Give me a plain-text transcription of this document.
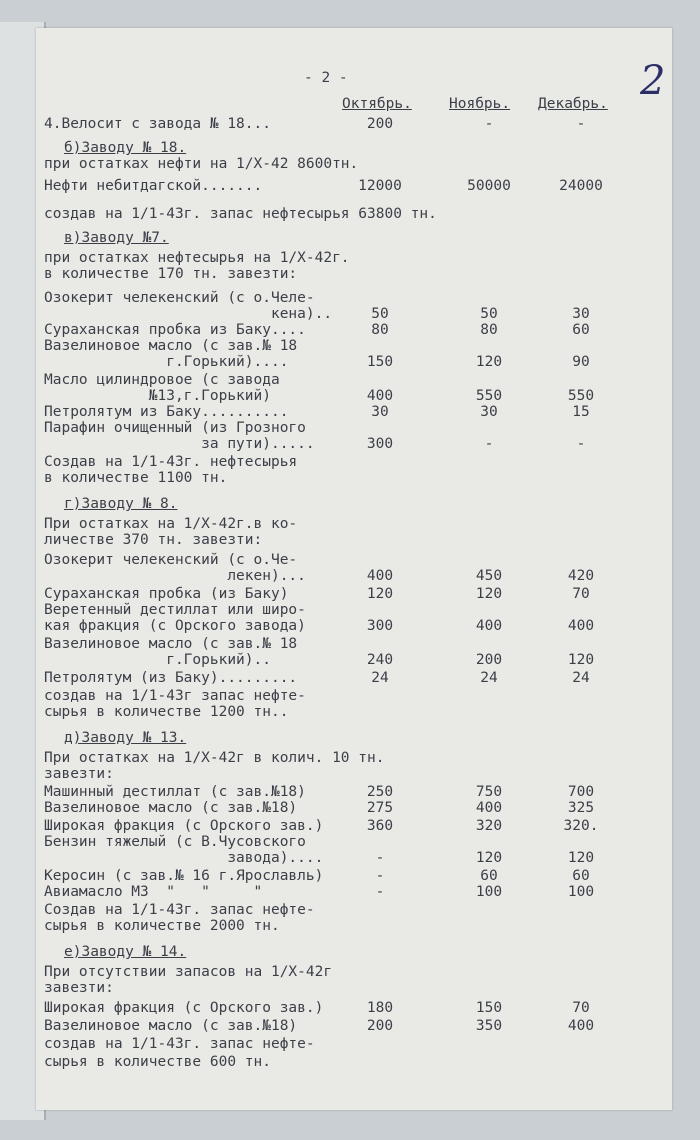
2
- 2 -
Октябрь.	Ноябрь. Декабрь.
4.Велосит с завода № 18...	200	-	-
б)Заводу № 18.
при остатках нефти на 1/Х-42 8600тн.
Нефти небитдагской.......	12000	50000	24000
создав на 1/1-43г. запас нефтесырья 63800 тн.
в)Заводу №7.
при остатках нефтесырья на 1/Х-42г.
в количестве 170 тн. завезти:
Озокерит челекенский (с о.Челе-
кена)..	50	50	30
Сураханская пробка из Баку....	80	80	60
Вазелиновое масло (с зав.№ 18
г.Горький)....	150	120	90
Масло цилиндровое (с завода
№13,г.Горький)	400	550	550
Петролятум из Баку..........	30	30	15
Парафин очищенный (из Грозного
за пути).....	300	-	-
Создав на 1/1-43г. нефтесырья
в количестве 1100 тн.
г)Заводу № 8.
При остатках на 1/Х-42г.в ко-
личестве 370 тн. завезти:
Озокерит челекенский (с о.Че-
лекен)...	400	450	420
Сураханская пробка (из Баку)	120	120	70
Веретенный дестиллат или широ-
кая фракция (с Орского завода)	300	400	400
Вазелиновое масло (с зав.№ 18
г.Горький)..	240	200	120
Петролятум (из Баку).........	24	24	24
создав на 1/1-43г запас нефте-
сырья в количестве 1200 тн..
д)Заводу № 13.
При остатках на 1/Х-42г в колич. 10 тн.
завезти:
Машинный дестиллат (с зав.№18)	250	750	700
Вазелиновое масло (с зав.№18)	275	400	325
Широкая фракция (с Орского зав.)	360	320	320.
Бензин тяжелый (с В.Чусовского
завода)....	-	120	120
Керосин (с зав.№ 16 г.Ярославль)	-	60	60
Авиамасло М3  "   "     "	-	100	100
Создав на 1/1-43г. запас нефте-
сырья в количестве 2000 тн.
е)Заводу № 14.
При отсутствии запасов на 1/Х-42г
завезти:
Широкая фракция (с Орского зав.)	180	150	70
Вазелиновое масло (с зав.№18)	200	350	400
создав на 1/1-43г. запас нефте-
сырья в количестве 600 тн.
